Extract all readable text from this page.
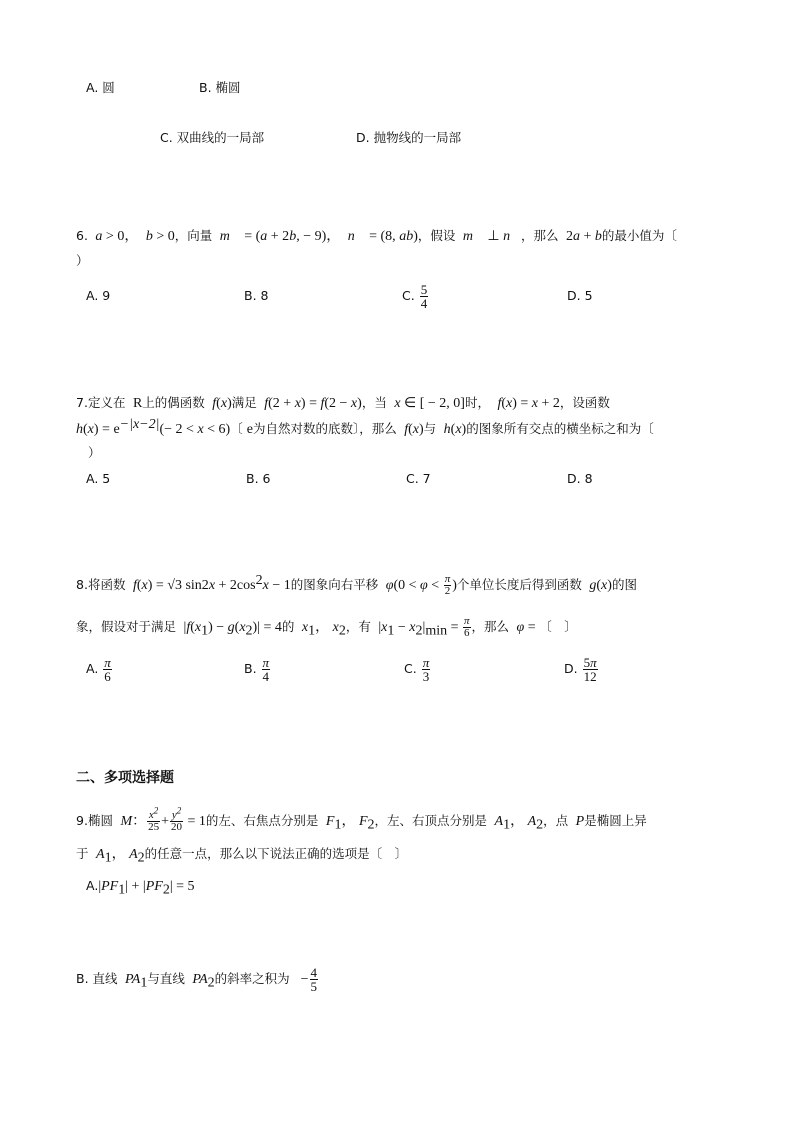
A. 圆	B. 椭圆
C. 双曲线的一局部	D. 抛物线的一局部
6.  a > 0，  b > 0，向量  m⃗ = (a + 2b, − 9)，  n⃗ = (8, ab)，假设  m⃗ ⊥ n⃗，那么  2a + b的最小值为〔
）
A. 9	B. 8	C. $\frac{5}{4}$	D. 5
7.定义在  R上的偶函数  f(x)满足  f(2 + x) = f(2 − x)，当  x ∈ [ − 2, 0]时，  f(x) = x + 2，设函数
$h(x) = e^{-|x-2|}(- 2 < x < 6)$〔 e为自然对数的底数〕，那么  f(x)与  h(x)的图象所有交点的横坐标之和为〔
）
A. 5	B. 6	C. 7	D. 8
8.将函数  f(x) = √3 $\sin 2x + 2\cos^2x - 1$的图象向右平移  $\varphi(0 < \varphi < \frac{\pi}{2}$ )个单位长度后得到函数  g(x)的图
象，假设对于满足  $|f(x_1) - g(x_2)| = 4$的  $x_1$， $x_2$，有  $|x_1 - x_2|_{min} = \frac{\pi}{6}$ ，那么  φ = 〔　〕
A. $\frac{\pi}{6}$	B. $\frac{\pi}{4}$	C. $\frac{\pi}{3}$	D. $\frac{5\pi}{12}$
二、多项选择题
9.椭圆  M： $\frac{x^2}{25} + \frac{y^2}{20} = 1$的左、右焦点分别是  $F_1$， $F_2$，左、右顶点分别是  $A_1$， $A_2$，点  P是椭圆上异
于  $A_1$， $A_2$的任意一点，那么以下说法正确的选项是〔　〕
$A.|PF_1| + |PF_2| = 5$
B. 直线  $PA_1$与直线  $PA_2$的斜率之积为   − $\frac{4}{5}$
